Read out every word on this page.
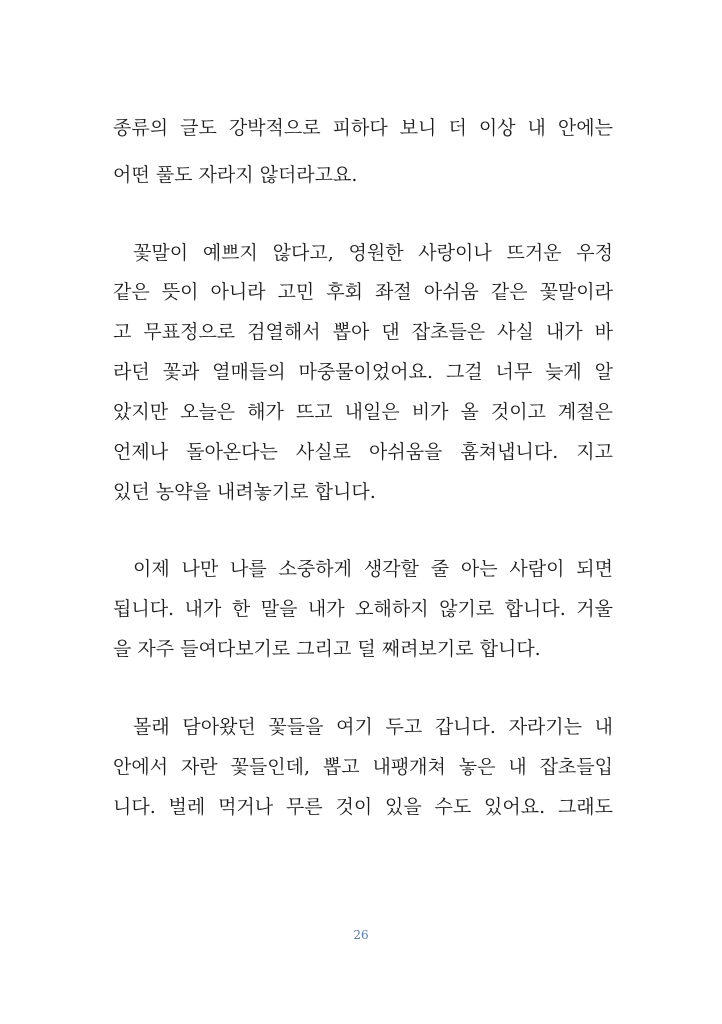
종류의 글도 강박적으로 피하다 보니 더 이상 내 안에는
어떤 풀도 자라지 않더라고요.
꽃말이 예쁘지 않다고, 영원한 사랑이나 뜨거운 우정
같은 뜻이 아니라 고민 후회 좌절 아쉬움 같은 꽃말이라
고 무표정으로 검열해서 뽑아 댄 잡초들은 사실 내가 바
라던 꽃과 열매들의 마중물이었어요. 그걸 너무 늦게 알
았지만 오늘은 해가 뜨고 내일은 비가 올 것이고 계절은
언제나 돌아온다는 사실로 아쉬움을 훔쳐냅니다. 지고
있던 농약을 내려놓기로 합니다.
이제 나만 나를 소중하게 생각할 줄 아는 사람이 되면
됩니다. 내가 한 말을 내가 오해하지 않기로 합니다. 거울
을 자주 들여다보기로 그리고 덜 째려보기로 합니다.
몰래 담아왔던 꽃들을 여기 두고 갑니다. 자라기는 내
안에서 자란 꽃들인데, 뽑고 내팽개쳐 놓은 내 잡초들입
니다. 벌레 먹거나 무른 것이 있을 수도 있어요. 그래도
26
